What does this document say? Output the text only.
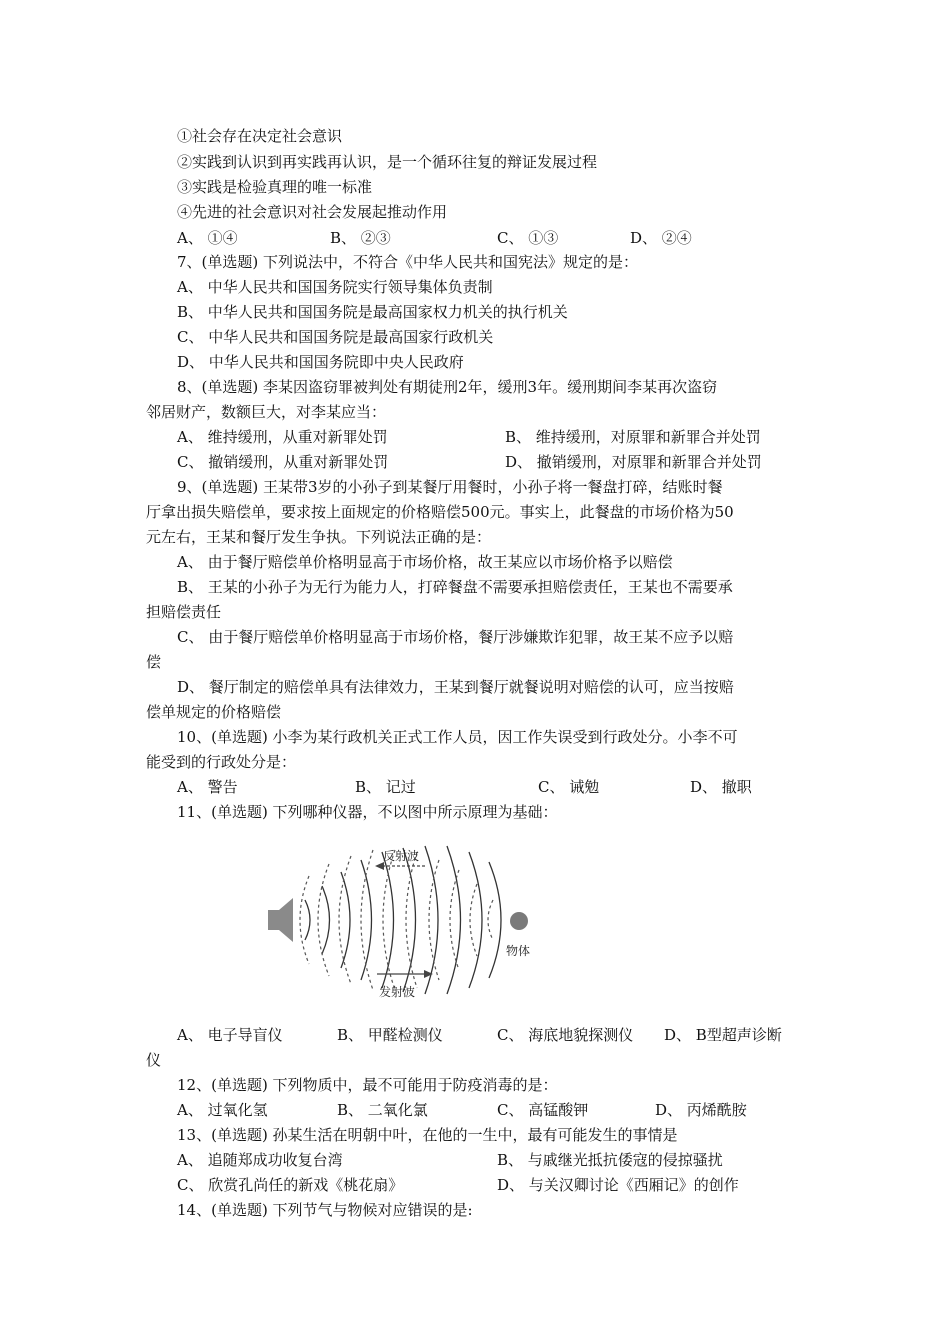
①社会存在决定社会意识
②实践到认识到再实践再认识，是一个循环往复的辩证发展过程
③实践是检验真理的唯一标准
④先进的社会意识对社会发展起推动作用
A、 ①④	B、 ②③	C、 ①③	D、 ②④
7、(单选题) 下列说法中，不符合《中华人民共和国宪法》规定的是：
A、 中华人民共和国国务院实行领导集体负责制
B、 中华人民共和国国务院是最高国家权力机关的执行机关
C、 中华人民共和国国务院是最高国家行政机关
D、 中华人民共和国国务院即中央人民政府
8、(单选题) 李某因盗窃罪被判处有期徒刑2年，缓刑3年。缓刑期间李某再次盗窃
邻居财产，数额巨大，对李某应当：
A、 维持缓刑，从重对新罪处罚	B、 维持缓刑，对原罪和新罪合并处罚
C、 撤销缓刑，从重对新罪处罚	D、 撤销缓刑，对原罪和新罪合并处罚
9、(单选题) 王某带3岁的小孙子到某餐厅用餐时，小孙子将一餐盘打碎，结账时餐
厅拿出损失赔偿单，要求按上面规定的价格赔偿500元。事实上，此餐盘的市场价格为50
元左右，王某和餐厅发生争执。下列说法正确的是：
A、 由于餐厅赔偿单价格明显高于市场价格，故王某应以市场价格予以赔偿
B、 王某的小孙子为无行为能力人，打碎餐盘不需要承担赔偿责任，王某也不需要承
担赔偿责任
C、 由于餐厅赔偿单价格明显高于市场价格，餐厅涉嫌欺诈犯罪，故王某不应予以赔
偿
D、 餐厅制定的赔偿单具有法律效力，王某到餐厅就餐说明对赔偿的认可，应当按赔
偿单规定的价格赔偿
10、(单选题) 小李为某行政机关正式工作人员，因工作失误受到行政处分。小李不可
能受到的行政处分是：
A、 警告	B、 记过	C、 诫勉	D、 撤职
11、(单选题) 下列哪种仪器，不以图中所示原理为基础：
物体
反射波
发射波
A、 电子导盲仪	B、 甲醛检测仪	C、 海底地貌探测仪 D、 B型超声诊断
仪
12、(单选题) 下列物质中，最不可能用于防疫消毒的是：
A、 过氧化氢	B、 二氧化氯	C、 高锰酸钾	D、 丙烯酰胺
13、(单选题) 孙某生活在明朝中叶，在他的一生中，最有可能发生的事情是
A、 追随郑成功收复台湾	B、 与戚继光抵抗倭寇的侵掠骚扰
C、 欣赏孔尚任的新戏《桃花扇》	D、 与关汉卿讨论《西厢记》的创作
14、(单选题) 下列节气与物候对应错误的是:
